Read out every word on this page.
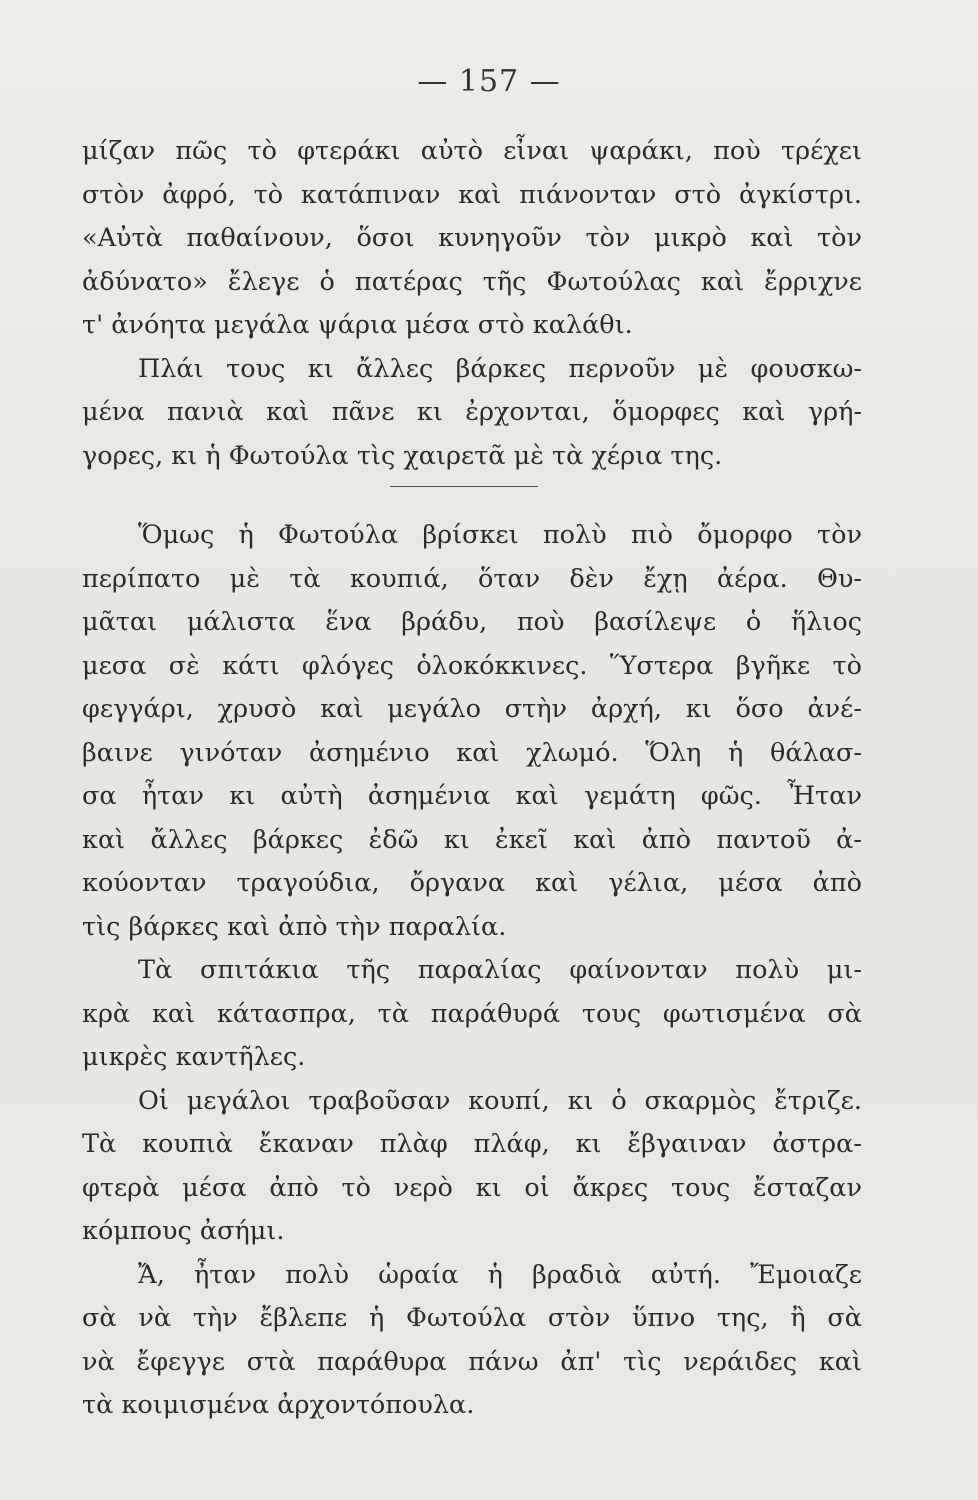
— 157 —
μίζαν πῶς τὸ φτεράκι αὐτὸ εἶναι ψαράκι, ποὺ τρέχει
στὸν ἀφρό, τὸ κατάπιναν καὶ πιάνονταν στὸ ἀγκίστρι.
«Αὐτὰ παθαίνουν, ὅσοι κυνηγοῦν τὸν μικρὸ καὶ τὸν
ἀδύνατο» ἔλεγε ὁ πατέρας τῆς Φωτούλας καὶ ἔρριχνε
τ' ἀνόητα μεγάλα ψάρια μέσα στὸ καλάθι.
Πλάι τους κι ἄλλες βάρκες περνοῦν μὲ φουσκω-
μένα πανιὰ καὶ πᾶνε κι ἐρχονται, ὅμορφες καὶ γρή-
γορες, κι ἡ Φωτούλα τὶς χαιρετᾶ μὲ τὰ χέρια της.
Ὅμως ἡ Φωτούλα βρίσκει πολὺ πιὸ ὄμορφο τὸν
περίπατο μὲ τὰ κουπιά, ὅταν δὲν ἔχῃ ἀέρα. Θυ-
μᾶται μάλιστα ἕνα βράδυ, ποὺ βασίλεψε ὁ ἥλιος
μεσα σὲ κάτι φλόγες ὁλοκόκκινες. Ὕστερα βγῆκε τὸ
φεγγάρι, χρυσὸ καὶ μεγάλο στὴν ἀρχή, κι ὅσο ἀνέ-
βαινε γινόταν ἀσημένιο καὶ χλωμό. Ὅλη ἡ θάλασ-
σα ἦταν κι αὐτὴ ἀσημένια καὶ γεμάτη φῶς. Ἦταν
καὶ ἄλλες βάρκες ἐδῶ κι ἐκεῖ καὶ ἀπὸ παντοῦ ἀ-
κούονταν τραγούδια, ὄργανα καὶ γέλια, μέσα ἀπὸ
τὶς βάρκες καὶ ἀπὸ τὴν παραλία.
Τὰ σπιτάκια τῆς παραλίας φαίνονταν πολὺ μι-
κρὰ καὶ κάτασπρα, τὰ παράθυρά τους φωτισμένα σὰ
μικρὲς καντῆλες.
Οἱ μεγάλοι τραβοῦσαν κουπί, κι ὁ σκαρμὸς ἔτριζε.
Τὰ κουπιὰ ἔκαναν πλὰφ πλάφ, κι ἔβγαιναν ἀστρα-
φτερὰ μέσα ἀπὸ τὸ νερὸ κι οἱ ἄκρες τους ἔσταζαν
κόμπους ἀσήμι.
Ἄ, ἦταν πολὺ ὡραία ἡ βραδιὰ αὐτή. Ἔμοιαζε
σὰ νὰ τὴν ἔβλεπε ἡ Φωτούλα στὸν ὕπνο της, ἢ σὰ
νὰ ἔφεγγε στὰ παράθυρα πάνω ἀπ' τὶς νεράιδες καὶ
τὰ κοιμισμένα ἀρχοντόπουλα.
